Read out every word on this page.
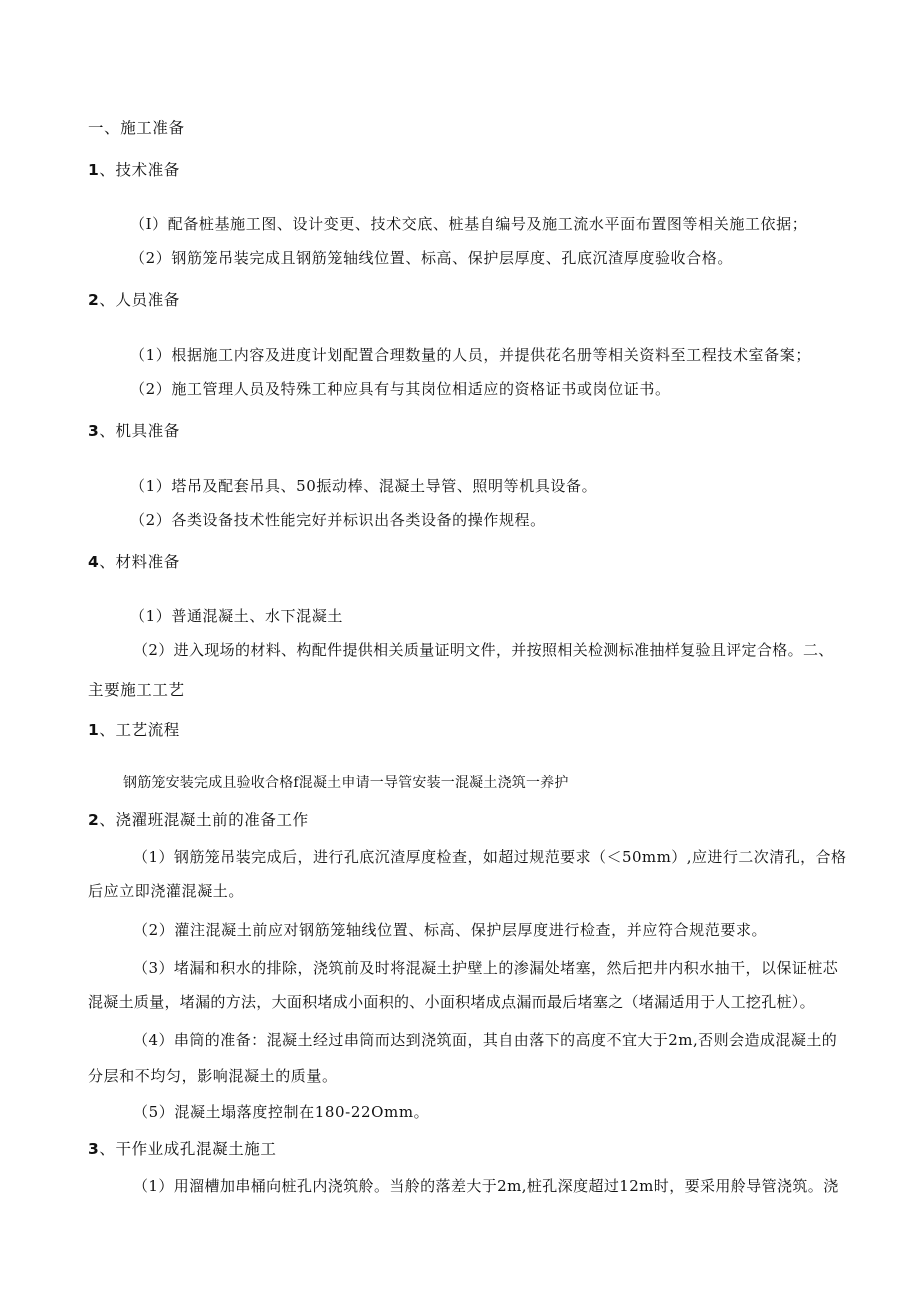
一、施工准备
1、技术准备
（I）配备桩基施工图、设计变更、技术交底、桩基自编号及施工流水平面布置图等相关施工依据；
（2）钢筋笼吊装完成且钢筋笼轴线位置、标高、保护层厚度、孔底沉渣厚度验收合格。
2、人员准备
（1）根据施工内容及进度计划配置合理数量的人员，并提供花名册等相关资料至工程技术室备案；
（2）施工管理人员及特殊工种应具有与其岗位相适应的资格证书或岗位证书。
3、机具准备
（1）塔吊及配套吊具、50振动棒、混凝土导管、照明等机具设备。
（2）各类设备技术性能完好并标识出各类设备的操作规程。
4、材料准备
（1）普通混凝土、水下混凝土
（2）进入现场的材料、构配件提供相关质量证明文件，并按照相关检测标准抽样复验且评定合格。二、
主要施工工艺
1、工艺流程
钢筋笼安装完成且验收合格f混凝土申请一导管安装一混凝土浇筑一养护
2、浇濯班混凝土前的准备工作
（1）钢筋笼吊装完成后，进行孔底沉渣厚度检查，如超过规范要求（＜50mm）,应进行二次清孔，合格
后应立即浇灌混凝土。
（2）灌注混凝土前应对钢筋笼轴线位置、标高、保护层厚度进行检查，并应符合规范要求。
（3）堵漏和积水的排除，浇筑前及时将混凝土护壁上的渗漏处堵塞，然后把井内积水抽干，以保证桩芯
混凝土质量，堵漏的方法，大面积堵成小面积的、小面积堵成点漏而最后堵塞之（堵漏适用于人工挖孔桩）。
（4）串筒的准备：混凝土经过串筒而达到浇筑面，其自由落下的高度不宜大于2m,否则会造成混凝土的
分层和不均匀，影响混凝土的质量。
（5）混凝土塌落度控制在180-22Omm。
3、干作业成孔混凝土施工
（1）用溜槽加串桶向桩孔内浇筑舲。当舲的落差大于2m,桩孔深度超过12m时，要采用舲导管浇筑。浇
